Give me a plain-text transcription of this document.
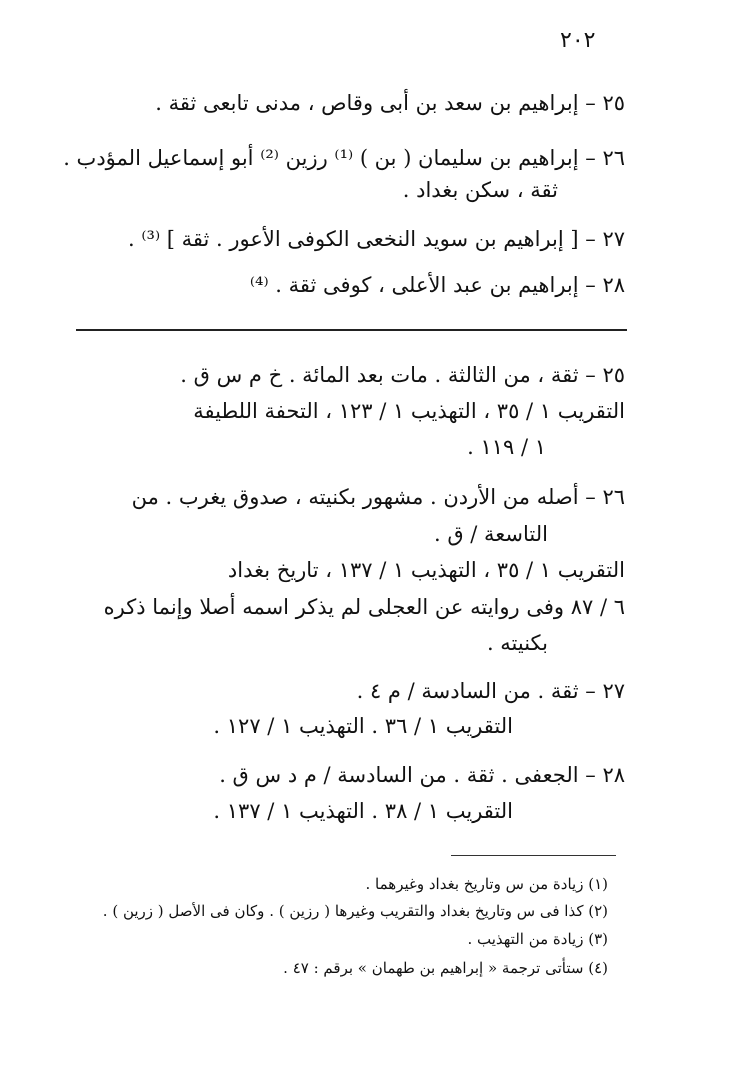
٢٠٢
٢٥ – إبراهيم بن سعد بن أبى وقاص ، مدنى تابعى ثقة .
٢٦ – إبراهيم بن سليمان ( بن ) ⁽¹⁾ رزين ⁽²⁾ أبو إسماعيل المؤدب .
ثقة ، سكن بغداد .
٢٧ – [ إبراهيم بن سويد النخعى الكوفى الأعور . ثقة ] ⁽³⁾ .
٢٨ – إبراهيم بن عبد الأعلى ، كوفى ثقة . ⁽⁴⁾
٢٥ – ثقة ، من الثالثة . مات بعد المائة . خ م س ق .
التقريب ١ / ٣٥ ، التهذيب ١ / ١٢٣ ، التحفة اللطيفة
١ / ١١٩ .
٢٦ – أصله من الأردن . مشهور بكنيته ، صدوق يغرب . من
التاسعة / ق .
التقريب ١ / ٣٥ ، التهذيب ١ / ١٣٧ ، تاريخ بغداد
٦ / ٨٧ وفى روايته عن العجلى لم يذكر اسمه أصلا وإنما ذكره
بكنيته .
٢٧ – ثقة . من السادسة / م ٤ .
التقريب ١ / ٣٦ . التهذيب ١ / ١٢٧ .
٢٨ – الجعفى . ثقة . من السادسة / م د س ق .
التقريب ١ / ٣٨ . التهذيب ١ / ١٣٧ .
(١) زيادة من س وتاريخ بغداد وغيرهما .
(٢) كذا فى س وتاريخ بغداد والتقريب وغيرها ( رزين ) . وكان فى الأصل ( زرين ) .
(٣) زيادة من التهذيب .
(٤) ستأتى ترجمة « إبراهيم بن طهمان » برقم : ٤٧ .
